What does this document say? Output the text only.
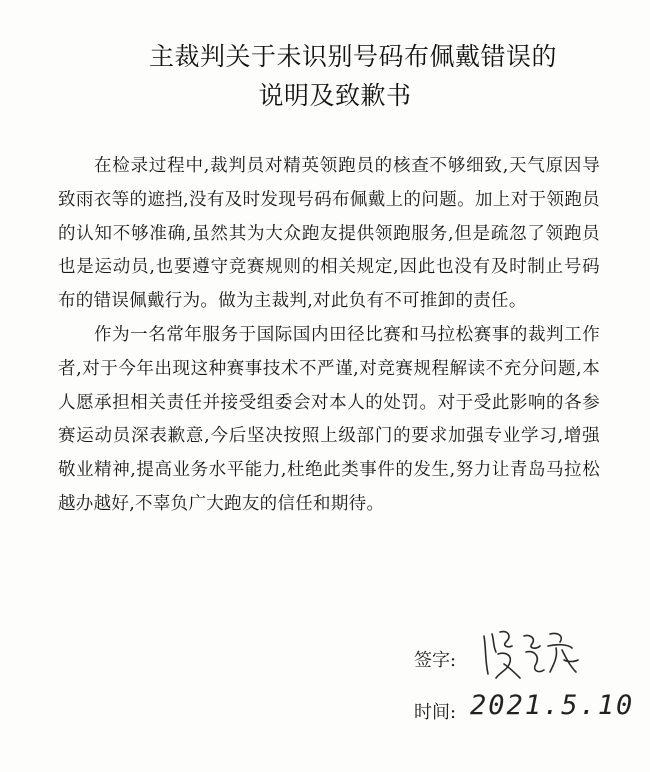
主裁判关于未识别号码布佩戴错误的
说明及致歉书

在检录过程中,裁判员对精英领跑员的核查不够细致,天气原因导致雨衣等的遮挡,没有及时发现号码布佩戴上的问题。加上对于领跑员的认知不够准确,虽然其为大众跑友提供领跑服务,但是疏忽了领跑员也是运动员,也要遵守竞赛规则的相关规定,因此也没有及时制止号码布的错误佩戴行为。做为主裁判,对此负有不可推卸的责任。

作为一名常年服务于国际国内田径比赛和马拉松赛事的裁判工作者,对于今年出现这种赛事技术不严谨,对竞赛规程解读不充分问题,本人愿承担相关责任并接受组委会对本人的处罚。对于受此影响的各参赛运动员深表歉意,今后坚决按照上级部门的要求加强专业学习,增强敬业精神,提高业务水平能力,杜绝此类事件的发生,努力让青岛马拉松越办越好,不辜负广大跑友的信任和期待。

签字:
时间: 2021.5.10
